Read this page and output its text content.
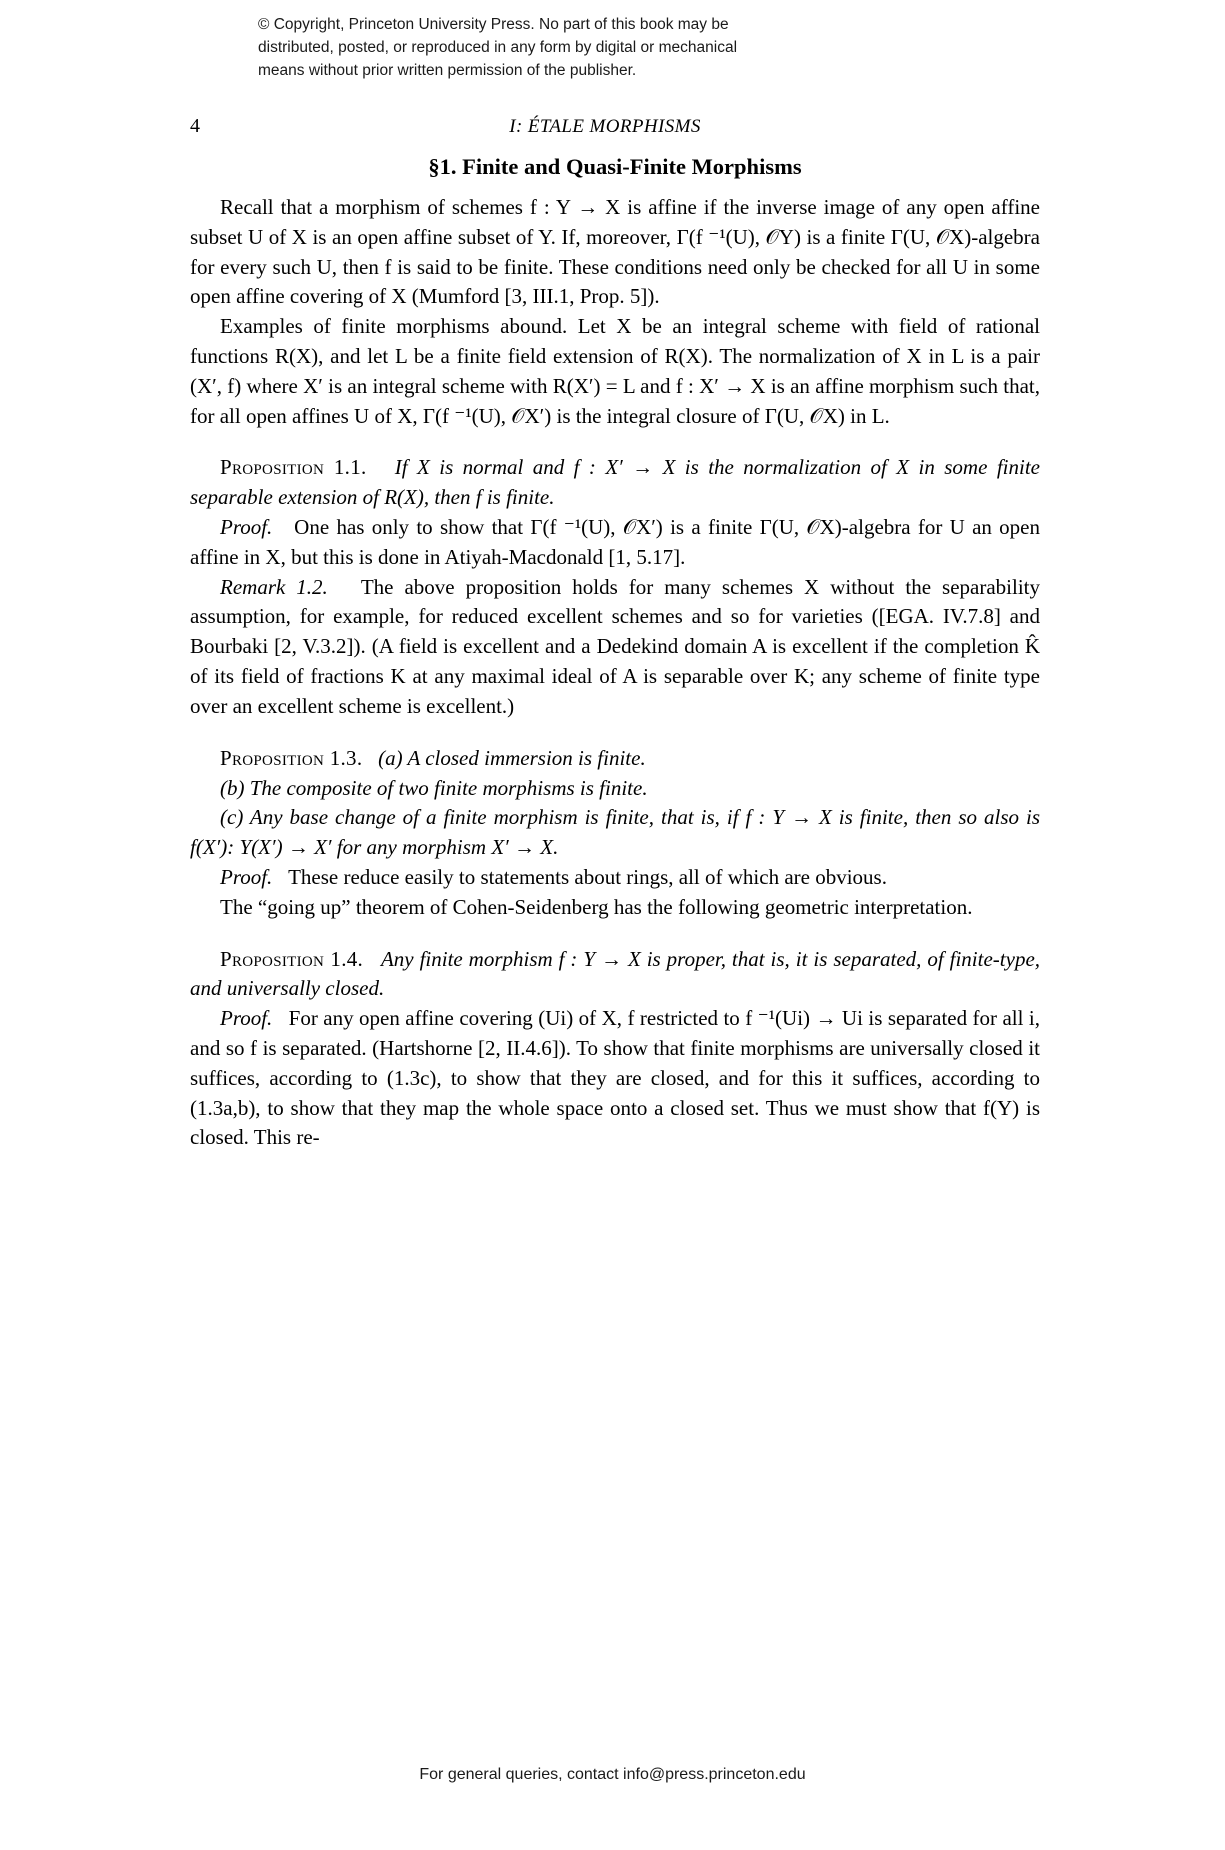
© Copyright, Princeton University Press. No part of this book may be
distributed, posted, or reproduced in any form by digital or mechanical
means without prior written permission of the publisher.
4	I: ÉTALE MORPHISMS
§1. Finite and Quasi-Finite Morphisms

Recall that a morphism of schemes f : Y → X is affine if the inverse image of any open affine subset U of X is an open affine subset of Y. If, moreover, Γ(f ⁻¹(U), 𝒪Y) is a finite Γ(U, 𝒪X)-algebra for every such U, then f is said to be finite. These conditions need only be checked for all U in some open affine covering of X (Mumford [3, III.1, Prop. 5]).

Examples of finite morphisms abound. Let X be an integral scheme with field of rational functions R(X), and let L be a finite field extension of R(X). The normalization of X in L is a pair (X′, f) where X′ is an integral scheme with R(X′) = L and f : X′ → X is an affine morphism such that, for all open affines U of X, Γ(f ⁻¹(U), 𝒪X′) is the integral closure of Γ(U, 𝒪X) in L.

Proposition 1.1. If X is normal and f : X′ → X is the normalization of X in some finite separable extension of R(X), then f is finite.

Proof. One has only to show that Γ(f ⁻¹(U), 𝒪X′) is a finite Γ(U, 𝒪X)-algebra for U an open affine in X, but this is done in Atiyah-Macdonald [1, 5.17].

Remark 1.2. The above proposition holds for many schemes X without the separability assumption, for example, for reduced excellent schemes and so for varieties ([EGA. IV.7.8] and Bourbaki [2, V.3.2]). (A field is excellent and a Dedekind domain A is excellent if the completion K̂ of its field of fractions K at any maximal ideal of A is separable over K; any scheme of finite type over an excellent scheme is excellent.)

Proposition 1.3. (a) A closed immersion is finite.

(b) The composite of two finite morphisms is finite.

(c) Any base change of a finite morphism is finite, that is, if f : Y → X is finite, then so also is f(X′): Y(X′) → X′ for any morphism X′ → X.

Proof. These reduce easily to statements about rings, all of which are obvious.

The “going up” theorem of Cohen-Seidenberg has the following geometric interpretation.

Proposition 1.4. Any finite morphism f : Y → X is proper, that is, it is separated, of finite-type, and universally closed.

Proof. For any open affine covering (Ui) of X, f restricted to f ⁻¹(Ui) → Ui is separated for all i, and so f is separated. (Hartshorne [2, II.4.6]). To show that finite morphisms are universally closed it suffices, according to (1.3c), to show that they are closed, and for this it suffices, according to (1.3a,b), to show that they map the whole space onto a closed set. Thus we must show that f(Y) is closed. This re-

For general queries, contact info@press.princeton.edu
